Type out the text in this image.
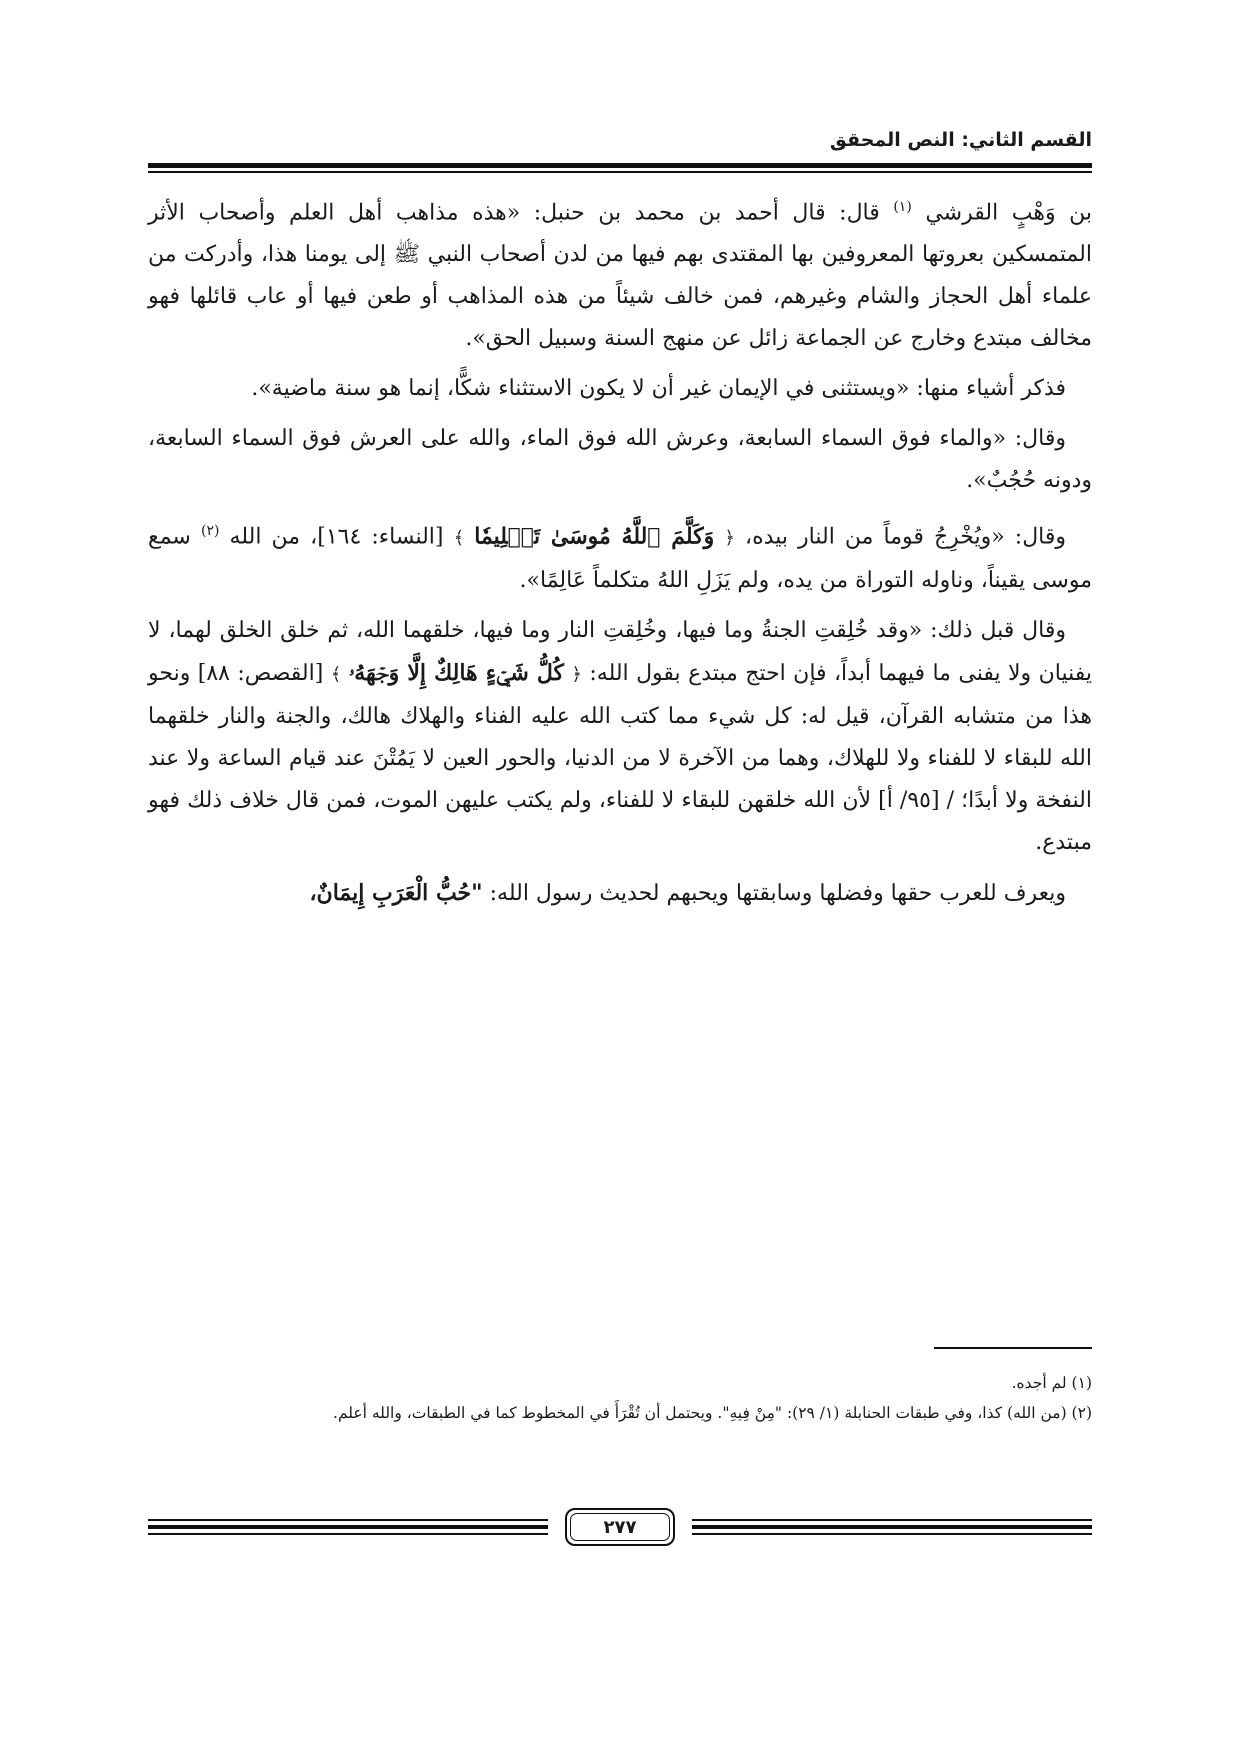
القسم الثاني: النص المحقق

بن وَهْبٍ القرشي $^{(١)}$ قال: قال أحمد بن محمد بن حنبل: «هذه مذاهب أهل العلم وأصحاب الأثر المتمسكين بعروتها المعروفين بها المقتدى بهم فيها من لدن أصحاب النبي ﷺ إلى يومنا هذا، وأدركت من علماء أهل الحجاز والشام وغيرهم، فمن خالف شيئاً من هذه المذاهب أو طعن فيها أو عاب قائلها فهو مخالف مبتدع وخارج عن الجماعة زائل عن منهج السنة وسبيل الحق».

فذكر أشياء منها: «ويستثنى في الإيمان غير أن لا يكون الاستثناء شكًّا، إنما هو سنة ماضية».

وقال: «والماء فوق السماء السابعة، وعرش الله فوق الماء، والله على العرش فوق السماء السابعة، ودونه حُجُبٌ».

وقال: «ويُخْرِجُ قوماً من النار بيده، ﴿ وَكَلَّمَ ٱللَّهُ مُوسَىٰ تَكۡلِيمٗا ﴾ [النساء: ١٦٤]، من الله $^{(٢)}$ سمع موسى يقيناً، وناوله التوراة من يده، ولم يَزَلِ اللهُ متكلماً عَالِمًا».

وقال قبل ذلك: «وقد خُلِقتِ الجنةُ وما فيها، وخُلِقتِ النار وما فيها، خلقهما الله، ثم خلق الخلق لهما، لا يفنيان ولا يفنى ما فيهما أبداً، فإن احتج مبتدع بقول الله: ﴿ كُلُّ شَيۡءٍ هَالِكٌ إِلَّا وَجۡهَهُۥ ﴾ [القصص: ٨٨] ونحو هذا من متشابه القرآن، قيل له: كل شيء مما كتب الله عليه الفناء والهلاك هالك، والجنة والنار خلقهما الله للبقاء لا للفناء ولا للهلاك، وهما من الآخرة لا من الدنيا، والحور العين لا يَمُتْنَ عند قيام الساعة ولا عند النفخة ولا أبدًا؛ / [٩٥/ أ] لأن الله خلقهن للبقاء لا للفناء، ولم يكتب عليهن الموت، فمن قال خلاف ذلك فهو مبتدع.

ويعرف للعرب حقها وفضلها وسابقتها ويحبهم لحديث رسول الله: "حُبُّ الْعَرَبِ إِيمَانٌ،

(١) لم أجده.
(٢) (من الله) كذا، وفي طبقات الحنابلة (١/ ٢٩): "مِنْ فِيهِ". ويحتمل أن تُقْرَأَ في المخطوط كما في الطبقات، والله أعلم.
٢٧٧
